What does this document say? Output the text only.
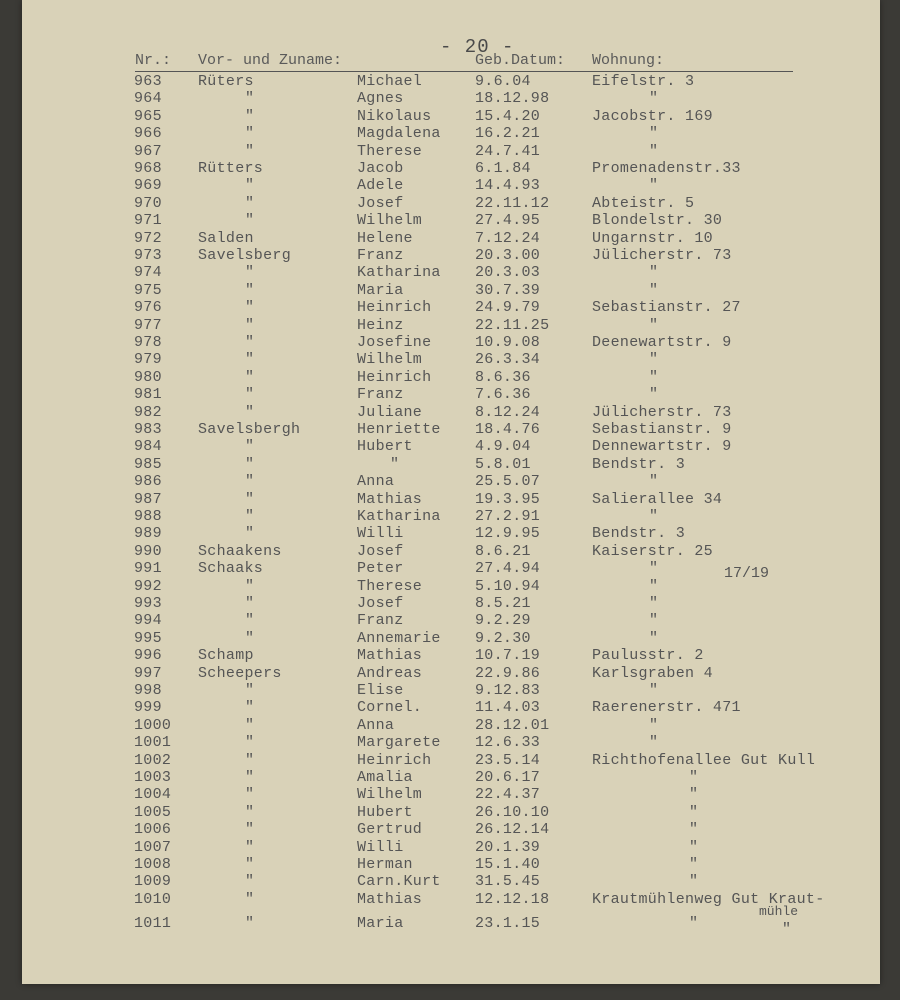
- 20 -
Nr.: Vor- und Zuname:	Geb.Datum: Wohnung:
963 Rüters	Michael	9.6.04	Eifelstr. 3
964	"	Agnes	18.12.98	"
965	"	Nikolaus	15.4.20	Jacobstr. 169
966	"	Magdalena 16.2.21	"
967	"	Therese	24.7.41	"
968 Rütters	Jacob	6.1.84	Promenadenstr.33
969	"	Adele	14.4.93	"
970	"	Josef	22.11.12	Abteistr. 5
971	"	Wilhelm	27.4.95	Blondelstr. 30
972 Salden	Helene	7.12.24	Ungarnstr. 10
973 Savelsberg	Franz	20.3.00	Jülicherstr. 73
974	"	Katharina 20.3.03	"
975	"	Maria	30.7.39	"
976	"	Heinrich	24.9.79	Sebastianstr. 27
977	"	Heinz	22.11.25	"
978	"	Josefine	10.9.08	Deenewartstr. 9
979	"	Wilhelm	26.3.34	"
980	"	Heinrich	8.6.36	"
981	"	Franz	7.6.36	"
982	"	Juliane	8.12.24	Jülicherstr. 73
983 Savelsbergh	Henriette 18.4.76	Sebastianstr. 9
984	"	Hubert	4.9.04	Dennewartstr. 9
985	"	"	5.8.01	Bendstr. 3
986	"	Anna	25.5.07	"
987	"	Mathias	19.3.95	Salierallee 34
988	"	Katharina 27.2.91	"
989	"	Willi	12.9.95	Bendstr. 3
990 Schaakens	Josef	8.6.21	Kaiserstr. 25
991 Schaaks	Peter	27.4.94	"
992	"	Therese	5.10.94	"
993	"	Josef	8.5.21	"
994	"	Franz	9.2.29	"
995	"	Annemarie 9.2.30	"
996 Schamp	Mathias	10.7.19	Paulusstr. 2
997 Scheepers	Andreas	22.9.86	Karlsgraben 4
998	"	Elise	9.12.83	"
999	"	Cornel.	11.4.03	Raerenerstr. 471
1000	"	Anna	28.12.01	"
1001	"	Margarete 12.6.33	"
1002	"	Heinrich	23.5.14	Richthofenallee Gut Kull
1003	"	Amalia	20.6.17	"
1004	"	Wilhelm	22.4.37	"
1005	"	Hubert	26.10.10	"
1006	"	Gertrud	26.12.14	"
1007	"	Willi	20.1.39	"
1008	"	Herman	15.1.40	"
1009	"	Carn.Kurt 31.5.45	"
1010	"	Mathias	12.12.18	Krautmühlenweg Gut Kraut-
1011	"	Maria	23.1.15	"
17/19
mühle
"
